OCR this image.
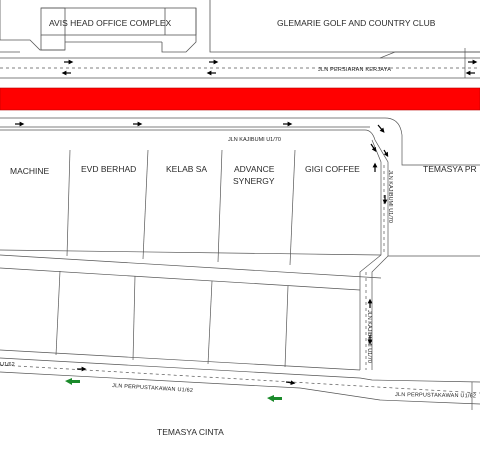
AVIS HEAD OFFICE COMPLEX	GLEMARIE GOLF AND COUNTRY CLUB
JLN PERSIARAN KERJAYA
JLN KAJIBUMI U1/70
JLN KAJIBUMI U1/70
JLN KAJIBUMI U1/70
MACHINE	EVD BERHAD	KELAB SA	ADVANCE
SYNERGY
GIGI COFFEE	TEMASYA PR
U1/62
JLN PERPUSTAKAWAN U1/62
JLN PERPUSTAKAWAN U1/62
TEMASYA CINTA
